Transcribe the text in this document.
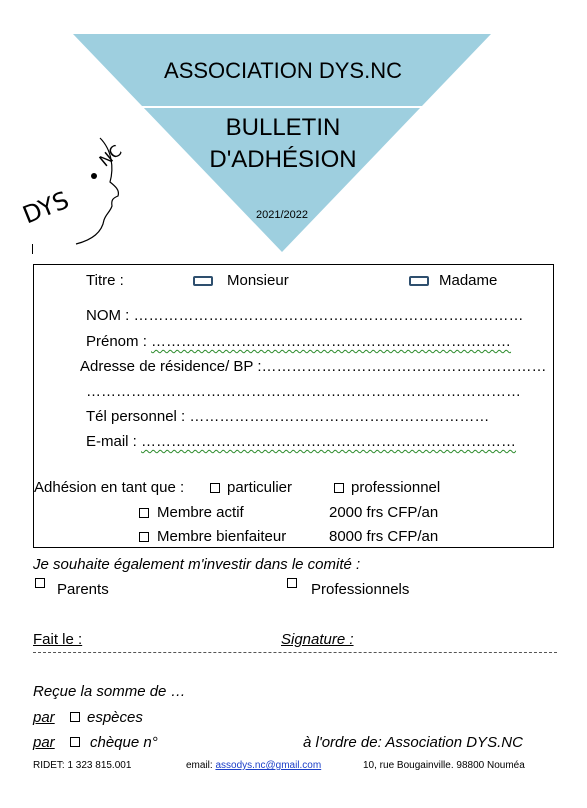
ASSOCIATION DYS.NC
BULLETIN
D'ADHÉSION
2021/2022
DYS
NC
Titre :	Monsieur	Madame
NOM : ……………………………………………………………………
Prénom : ………………………………………………………………
Adresse de résidence/ BP :…………………………………………………
……………………………………………………………………………
Tél personnel : ……………………………………………………
E-mail : …………………………………………………………………
Adhésion en tant que :	particulier	professionnel
Membre actif	2000 frs CFP/an
Membre bienfaiteur	8000 frs CFP/an
Je souhaite également m'investir dans le comité :
Parents	Professionnels
Fait le :	Signature :
Reçue la somme de …
par espèces
par chèque n°	à l'ordre de: Association DYS.NC
RIDET: 1 323 815.001	email: assodys.nc@gmail.com	10, rue Bougainville. 98800 Nouméa
